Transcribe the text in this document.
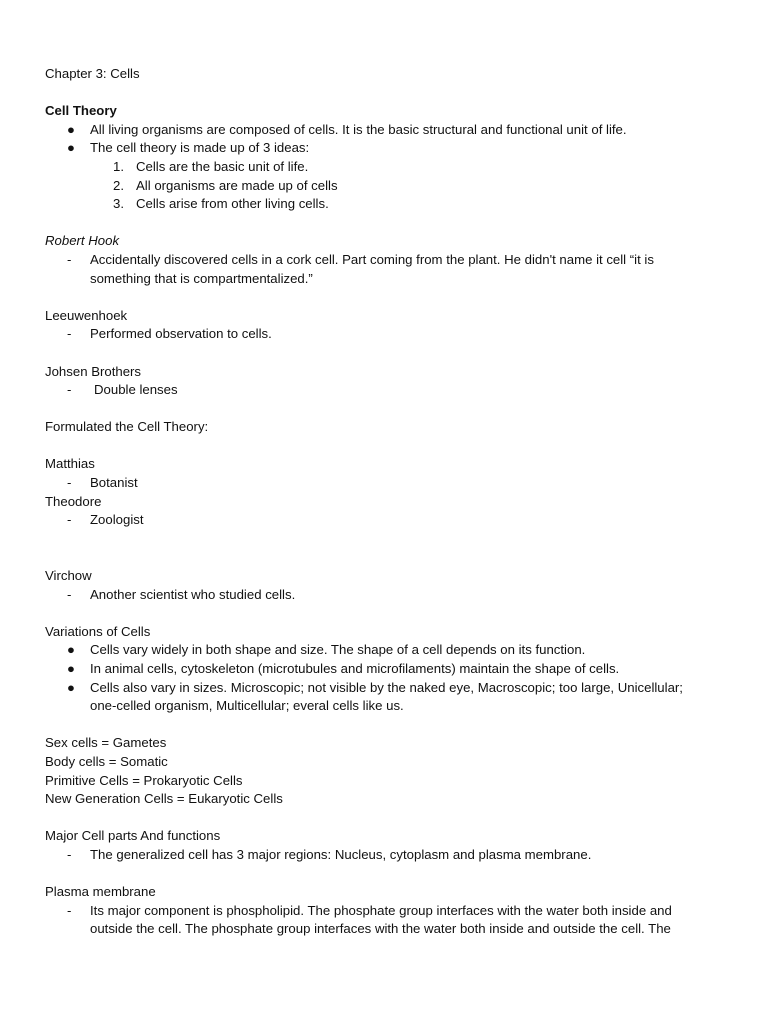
Chapter 3: Cells
Cell Theory
● All living organisms are composed of cells. It is the basic structural and functional unit of life.
● The cell theory is made up of 3 ideas:
1. Cells are the basic unit of life.
2. All organisms are made up of cells
3. Cells arise from other living cells.
Robert Hook
- Accidentally discovered cells in a cork cell. Part coming from the plant. He didn't name it cell “it is
something that is compartmentalized.”
Leeuwenhoek
- Performed observation to cells.
Johsen Brothers
- Double lenses
Formulated the Cell Theory:
Matthias
- Botanist
Theodore
- Zoologist
Virchow
- Another scientist who studied cells.
Variations of Cells
● Cells vary widely in both shape and size. The shape of a cell depends on its function.
● In animal cells, cytoskeleton (microtubules and microfilaments) maintain the shape of cells.
● Cells also vary in sizes. Microscopic; not visible by the naked eye, Macroscopic; too large, Unicellular;
one-celled organism, Multicellular; everal cells like us.
Sex cells = Gametes
Body cells = Somatic
Primitive Cells = Prokaryotic Cells
New Generation Cells = Eukaryotic Cells
Major Cell parts And functions
- The generalized cell has 3 major regions: Nucleus, cytoplasm and plasma membrane.
Plasma membrane
- Its major component is phospholipid. The phosphate group interfaces with the water both inside and
outside the cell. The phosphate group interfaces with the water both inside and outside the cell. The
